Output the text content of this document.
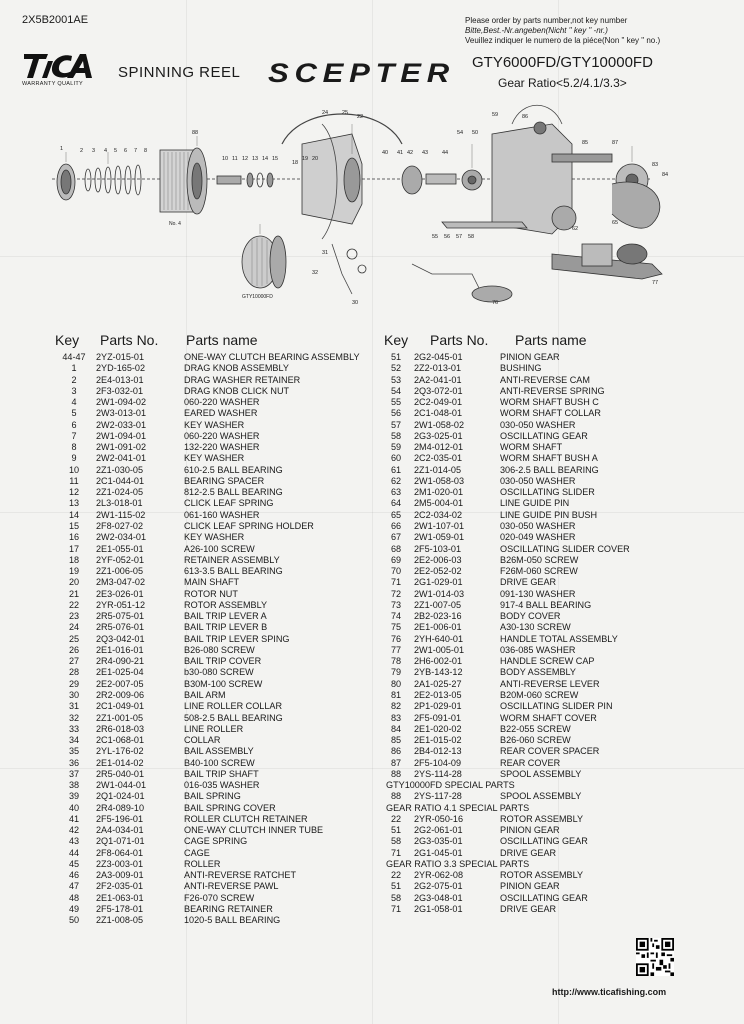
2X5B2001AE	Please order by parts number,not key number
Bitte,Best.-Nr.angeben(Nicht " key " -nr.)
Veuillez indiquer le numero de la piéce(Non " key " no.)
WARRANTY QUALITY
SPINNING REEL SCEPTER GTY6000FD/GTY10000FD
Gear Ratio<5.2/4.1/3.3>
1	2 3 4 5 6 7 8
88
10 11 12 13 14 15
18
19 20
24	25
22
40 41 42 43	44
54 50
59	86
85	87
83
84
62
65
55 56 57 58
76
77
30
31
32
No. 4
GTY10000FD
Key Parts No. Parts name	Key Parts No. Parts name
44-47	2YZ-015-01	ONE-WAY CLUTCH BEARING ASSEMBLY
1	2YD-165-02	DRAG KNOB ASSEMBLY
2	2E4-013-01	DRAG WASHER RETAINER
3	2F3-032-01	DRAG KNOB CLICK NUT
4	2W1-094-02	060-220 WASHER
5	2W3-013-01	EARED WASHER
6	2W2-033-01	KEY WASHER
7	2W1-094-01	060-220 WASHER
8	2W1-091-02	132-220 WASHER
9	2W2-041-01	KEY WASHER
10	2Z1-030-05	610-2.5 BALL BEARING
11	2C1-044-01	BEARING SPACER
12	2Z1-024-05	812-2.5 BALL BEARING
13	2L3-018-01	CLICK LEAF SPRING
14	2W1-115-02	061-160 WASHER
15	2F8-027-02	CLICK LEAF SPRING HOLDER
16	2W2-034-01	KEY WASHER
17	2E1-055-01	A26-100 SCREW
18	2YF-052-01	RETAINER ASSEMBLY
19	2Z1-006-05	613-3.5 BALL BEARING
20	2M3-047-02	MAIN SHAFT
21	2E3-026-01	ROTOR NUT
22	2YR-051-12	ROTOR ASSEMBLY
23	2R5-075-01	BAIL TRIP LEVER A
24	2R5-076-01	BAIL TRIP LEVER B
25	2Q3-042-01	BAIL TRIP LEVER SPING
26	2E1-016-01	B26-080 SCREW
27	2R4-090-21	BAIL TRIP COVER
28	2E1-025-04	b30-080 SCREW
29	2E2-007-05	B30M-100 SCREW
30	2R2-009-06	BAIL ARM
31	2C1-049-01	LINE ROLLER COLLAR
32	2Z1-001-05	508-2.5 BALL BEARING
33	2R6-018-03	LINE ROLLER
34	2C1-068-01	COLLAR
35	2YL-176-02	BAIL ASSEMBLY
36	2E1-014-02	B40-100 SCREW
37	2R5-040-01	BAIL TRIP SHAFT
38	2W1-044-01	016-035 WASHER
39	2Q1-024-01	BAIL SPRING
40	2R4-089-10	BAIL SPRING COVER
41	2F5-196-01	ROLLER CLUTCH RETAINER
42	2A4-034-01	ONE-WAY CLUTCH INNER TUBE
43	2Q1-071-01	CAGE SPRING
44	2F8-064-01	CAGE
45	2Z3-003-01	ROLLER
46	2A3-009-01	ANTI-REVERSE RATCHET
47	2F2-035-01	ANTI-REVERSE PAWL
48	2E1-063-01	F26-070 SCREW
49	2F5-178-01	BEARING RETAINER
50	2Z1-008-05	1020-5 BALL BEARING
51	2G2-045-01	PINION GEAR
52	2Z2-013-01	BUSHING
53	2A2-041-01	ANTI-REVERSE CAM
54	2Q3-072-01	ANTI-REVERSE SPRING
55	2C2-049-01	WORM SHAFT BUSH C
56	2C1-048-01	WORM SHAFT COLLAR
57	2W1-058-02	030-050 WASHER
58	2G3-025-01	OSCILLATING GEAR
59	2M4-012-01	WORM SHAFT
60	2C2-035-01	WORM SHAFT BUSH A
61	2Z1-014-05	306-2.5 BALL BEARING
62	2W1-058-03	030-050 WASHER
63	2M1-020-01	OSCILLATING SLIDER
64	2M5-004-01	LINE GUIDE PIN
65	2C2-034-02	LINE GUIDE PIN BUSH
66	2W1-107-01	030-050 WASHER
67	2W1-059-01	020-049 WASHER
68	2F5-103-01	OSCILLATING SLIDER COVER
69	2E2-006-03	B26M-050 SCREW
70	2E2-052-02	F26M-060 SCREW
71	2G1-029-01	DRIVE GEAR
72	2W1-014-03	091-130 WASHER
73	2Z1-007-05	917-4 BALL BEARING
74	2B2-023-16	BODY COVER
75	2E1-006-01	A30-130 SCREW
76	2YH-640-01	HANDLE TOTAL ASSEMBLY
77	2W1-005-01	036-085 WASHER
78	2H6-002-01	HANDLE SCREW CAP
79	2YB-143-12	BODY ASSEMBLY
80	2A1-025-27	ANTI-REVERSE LEVER
81	2E2-013-05	B20M-060 SCREW
82	2P1-029-01	OSCILLATING SLIDER PIN
83	2F5-091-01	WORM SHAFT COVER
84	2E1-020-02	B22-055 SCREW
85	2E1-015-02	B26-060 SCREW
86	2B4-012-13	REAR COVER SPACER
87	2F5-104-09	REAR COVER
88	2YS-114-28	SPOOL ASSEMBLY
GTY10000FD SPECIAL PARTS
88	2YS-117-28	SPOOL ASSEMBLY
GEAR RATIO 4.1 SPECIAL PARTS
22	2YR-050-16	ROTOR ASSEMBLY
51	2G2-061-01	PINION GEAR
58	2G3-035-01	OSCILLATING GEAR
71	2G1-045-01	DRIVE GEAR
GEAR RATIO 3.3 SPECIAL PARTS
22	2YR-062-08	ROTOR ASSEMBLY
51	2G2-075-01	PINION GEAR
58	2G3-048-01	OSCILLATING GEAR
71	2G1-058-01	DRIVE GEAR
http://www.ticafishing.com
